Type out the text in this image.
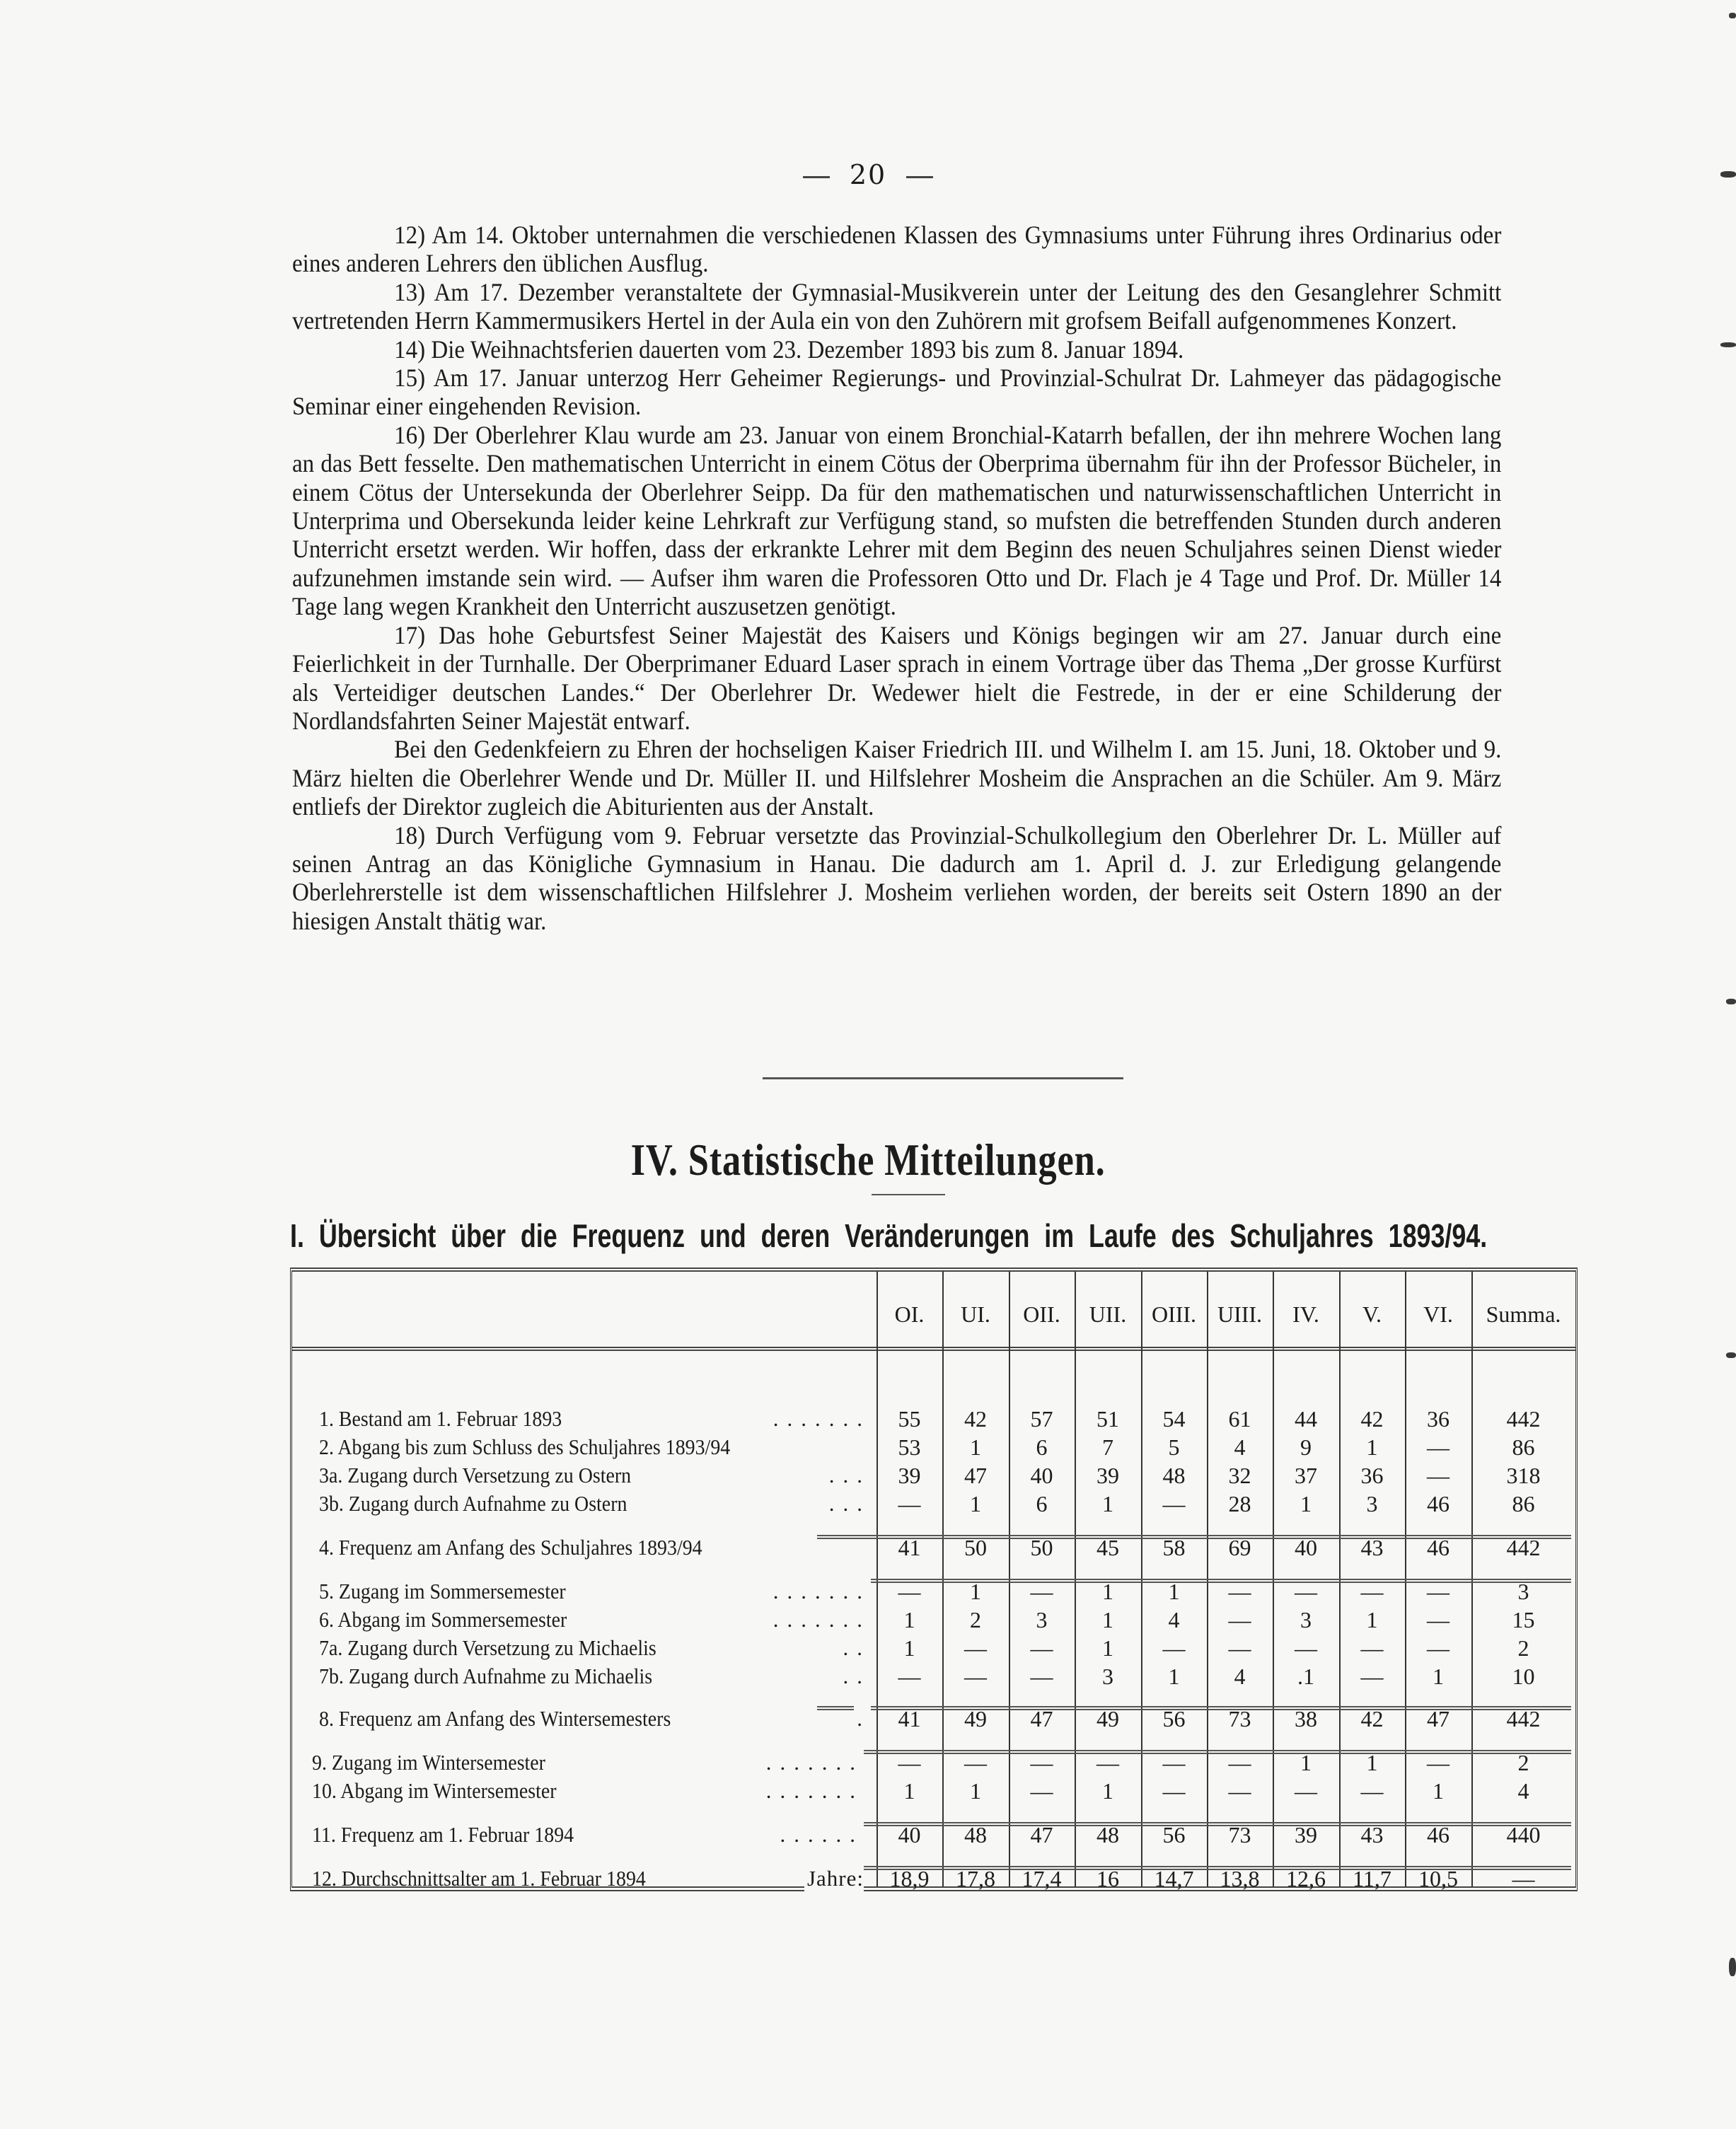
20

12) Am 14. Oktober unternahmen die verschiedenen Klassen des Gymnasiums unter Führung ihres Ordinarius oder eines anderen Lehrers den üblichen Ausflug.

13) Am 17. Dezember veranstaltete der Gymnasial-Musikverein unter der Leitung des den Gesanglehrer Schmitt vertretenden Herrn Kammermusikers Hertel in der Aula ein von den Zuhörern mit grofsem Beifall aufgenommenes Konzert.

14) Die Weihnachtsferien dauerten vom 23. Dezember 1893 bis zum 8. Januar 1894.

15) Am 17. Januar unterzog Herr Geheimer Regierungs- und Provinzial-Schulrat Dr. Lahmeyer das pädagogische Seminar einer eingehenden Revision.

16) Der Oberlehrer Klau wurde am 23. Januar von einem Bronchial-Katarrh befallen, der ihn mehrere Wochen lang an das Bett fesselte. Den mathematischen Unterricht in einem Cötus der Oberprima übernahm für ihn der Professor Bücheler, in einem Cötus der Untersekunda der Oberlehrer Seipp. Da für den mathematischen und naturwissenschaftlichen Unterricht in Unterprima und Obersekunda leider keine Lehrkraft zur Verfügung stand, so mufsten die betreffenden Stunden durch anderen Unterricht ersetzt werden. Wir hoffen, dass der erkrankte Lehrer mit dem Beginn des neuen Schuljahres seinen Dienst wieder aufzunehmen imstande sein wird. — Aufser ihm waren die Professoren Otto und Dr. Flach je 4 Tage und Prof. Dr. Müller 14 Tage lang wegen Krankheit den Unterricht auszusetzen genötigt.

17) Das hohe Geburtsfest Seiner Majestät des Kaisers und Königs begingen wir am 27. Januar durch eine Feierlichkeit in der Turnhalle. Der Oberprimaner Eduard Laser sprach in einem Vortrage über das Thema „Der grosse Kurfürst als Verteidiger deutschen Landes.“ Der Oberlehrer Dr. Wedewer hielt die Festrede, in der er eine Schilderung der Nordlandsfahrten Seiner Majestät entwarf.

Bei den Gedenkfeiern zu Ehren der hochseligen Kaiser Friedrich III. und Wilhelm I. am 15. Juni, 18. Oktober und 9. März hielten die Oberlehrer Wende und Dr. Müller II. und Hilfslehrer Mosheim die Ansprachen an die Schüler. Am 9. März entliefs der Direktor zugleich die Abiturienten aus der Anstalt.

18) Durch Verfügung vom 9. Februar versetzte das Provinzial-Schulkollegium den Oberlehrer Dr. L. Müller auf seinen Antrag an das Königliche Gymnasium in Hanau. Die dadurch am 1. April d. J. zur Erledigung gelangende Oberlehrerstelle ist dem wissenschaftlichen Hilfslehrer J. Mosheim verliehen worden, der bereits seit Ostern 1890 an der hiesigen Anstalt thätig war.

IV. Statistische Mitteilungen.
I. Übersicht über die Frequenz und deren Veränderungen im Laufe des Schuljahres 1893/94.
OI.	UI.	OII.	UII.	OIII. UIII.	IV.	V.	VI.	Summa.
1. Bestand am 1. Februar 1893	.......	55	42	57	51	54	61	44	42	36	442
2. Abgang bis zum Schluss des Schuljahres 1893/94	53	1	6	7	5	4	9	1	—	86
3a. Zugang durch Versetzung zu Ostern	...	39	47	40	39	48	32	37	36	—	318
3b. Zugang durch Aufnahme zu Ostern	...	—	1	6	1	—	28	1	3	46	86
4. Frequenz am Anfang des Schuljahres 1893/94	41	50	50	45	58	69	40	43	46	442
5. Zugang im Sommersemester	.......	—	1	—	1	1	—	—	—	—	3
6. Abgang im Sommersemester	.......	1	2	3	1	4	—	3	1	—	15
7a. Zugang durch Versetzung zu Michaelis	..	1	—	—	1	—	—	—	—	—	2
7b. Zugang durch Aufnahme zu Michaelis	..	—	—	—	3	1	4	.1	—	1	10
8. Frequenz am Anfang des Wintersemesters	.	41	49	47	49	56	73	38	42	47	442
9. Zugang im Wintersemester	.......	—	—	—	—	—	—	1	1	—	2
10. Abgang im Wintersemester	.......	1	1	—	1	—	—	—	—	1	4
11. Frequenz am 1. Februar 1894	......	40	48	47	48	56	73	39	43	46	440
12. Durchschnittsalter am 1. Februar 1894	Jahre:	18,9	17,8	17,4	16	14,7	13,8	12,6	11,7	10,5	—
